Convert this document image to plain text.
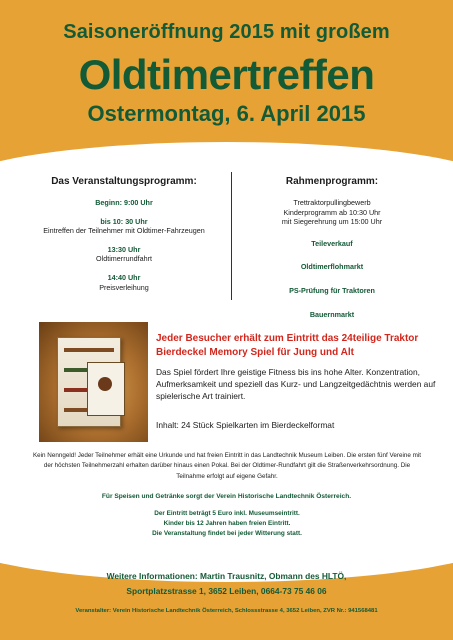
Saisoneröffnung 2015 mit großem
Oldtimertreffen
Ostermontag, 6. April 2015
Das Veranstaltungsprogramm:
Beginn: 9:00 Uhr
bis 10: 30 Uhr
Eintreffen der Teilnehmer mit Oldtimer-Fahrzeugen
13:30 Uhr
Oldtimerrundfahrt
14:40 Uhr
Preisverleihung
Rahmenprogramm:
Trettraktorpullingbewerb
Kinderprogramm ab 10:30 Uhr
mit Siegerehrung um 15:00 Uhr
Teileverkauf
Oldtimerflohmarkt
PS-Prüfung für Traktoren
Bauernmarkt
Jeder Besucher erhält zum Eintritt das 24teilige Traktor Bierdeckel Memory Spiel für Jung und Alt
Das Spiel fördert Ihre geistige Fitness bis ins hohe Alter. Konzentration, Aufmerksamkeit und speziell das Kurz- und Langzeitgedächtnis werden auf spielerische Art trainiert.
Inhalt: 24 Stück Spielkarten im Bierdeckelformat
Kein Nenngeld! Jeder Teilnehmer erhält eine Urkunde und hat freien Eintritt in das Landtechnik Museum Leiben. Die ersten fünf Vereine mit der höchsten Teilnehmerzahl erhalten darüber hinaus einen Pokal. Bei der Oldtimer-Rundfahrt gilt die Straßenverkehrsordnung. Die Teilnahme erfolgt auf eigene Gefahr.
Für Speisen und Getränke sorgt der Verein Historische Landtechnik Österreich.
Der Eintritt beträgt 5 Euro inkl. Museumseintritt.
Kinder bis 12 Jahren haben freien Eintritt.
Die Veranstaltung findet bei jeder Witterung statt.
Weitere Informationen: Martin Trausnitz, Obmann des HLTÖ,
Sportplatzstrasse 1, 3652 Leiben, 0664-73 75 46 06
Veranstalter: Verein Historische Landtechnik Österreich, Schlossstrasse 4, 3652 Leiben, ZVR Nr.: 941568481
